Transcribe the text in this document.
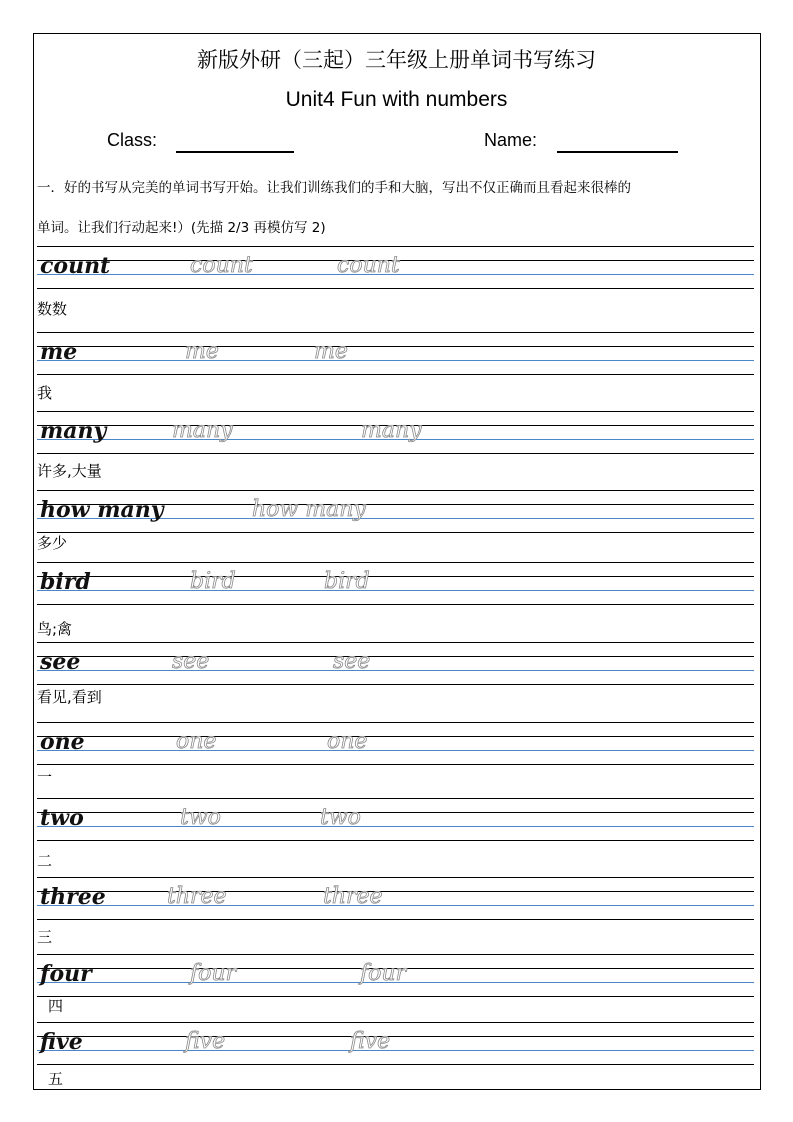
新版外研（三起）三年级上册单词书写练习
Unit4 Fun with numbers
Class:	Name:
一．好的书写从完美的单词书写开始。让我们训练我们的手和大脑，写出不仅正确而且看起来很棒的
单词。让我们行动起来!）(先描 2/3 再模仿写 2)
count	count	count
数数
me	me	me
我
many	many	many
许多,大量
how many	how many
多少
bird	bird	bird
鸟;禽
see	see	see
看见,看到
one	one	one
一
two	two	two
二
three	three	three
三
four	four	four
四
five	five	five
五
